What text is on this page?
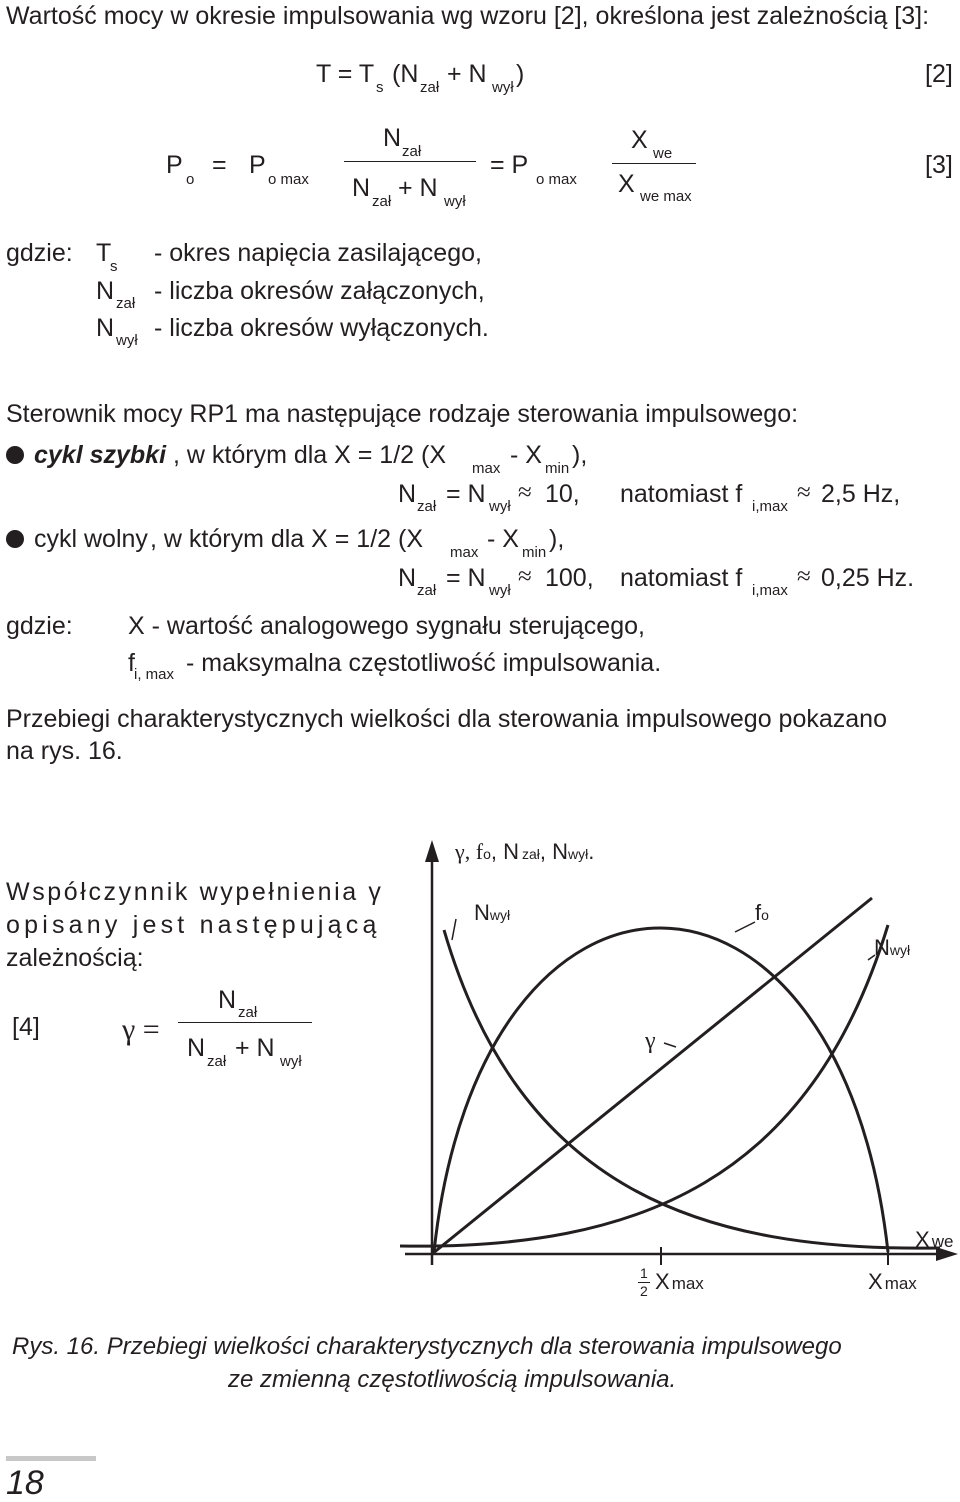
Wartość mocy w okresie impulsowania wg wzoru [2], określona jest zależnością [3]:
T = T s (N zał + N wył )	[2]
P
o
= P
o max
N zał
N zał + N wył
= P
o max
X we
X we max
[3]
gdzie: T
s - okres napięcia zasilającego,
N zał - liczba okresów załączonych,
N wył - liczba okresów wyłączonych.
Sterownik mocy RP1 ma następujące rodzaje sterowania impulsowego:
cykl szybki , w którym dla X = 1/2 (X max - X min ),
N zał = N wył
≈ 10, natomiast f i,max
≈ 2,5 Hz,
cykl wolny , w którym dla X = 1/2 (X max - X min ),
N zał = N wył
≈ 100, natomiast f i,max
≈ 0,25 Hz.
gdzie: X - wartość analogowego sygnału sterującego,
f i, max - maksymalna częstotliwość impulsowania.
Przebiegi charakterystycznych wielkości dla sterowania impulsowego pokazano
na rys. 16.
Współczynnik wypełnienia γ
opisany jest następującą
zależnością:
[4]	γ =
N zał
N zał + N wył
γ, fo, N zał, Nwył.
Nwył	fo
Nwył
γ
X we
1
2 X max	X max
Rys. 16. Przebiegi wielkości charakterystycznych dla sterowania impulsowego
ze zmienną częstotliwością impulsowania.
18
